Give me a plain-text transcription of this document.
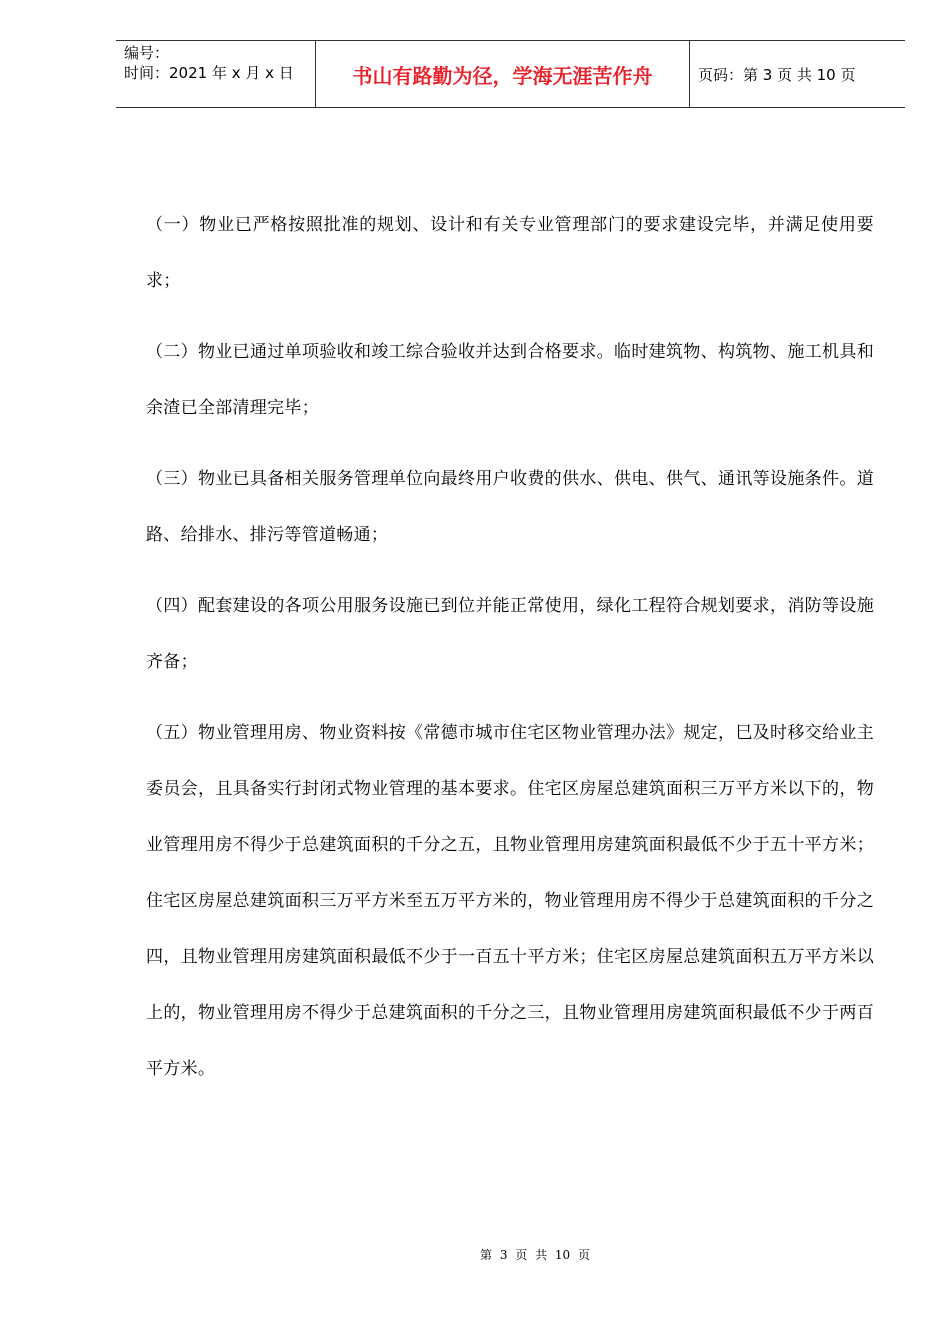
编号：
时间：2021 年 x 月 x 日	书山有路勤为径，学海无涯苦作舟	页码：第 3 页 共 10 页

（一）物业已严格按照批准的规划、设计和有关专业管理部门的要求建设完毕，并满足使用要求；

（二）物业已通过单项验收和竣工综合验收并达到合格要求。临时建筑物、构筑物、施工机具和余渣已全部清理完毕；

（三）物业已具备相关服务管理单位向最终用户收费的供水、供电、供气、通讯等设施条件。道路、给排水、排污等管道畅通；

（四）配套建设的各项公用服务设施已到位并能正常使用，绿化工程符合规划要求，消防等设施齐备；

（五）物业管理用房、物业资料按《常德市城市住宅区物业管理办法》规定，巳及时移交给业主委员会，且具备实行封闭式物业管理的基本要求。住宅区房屋总建筑面积三万平方米以下的，物业管理用房不得少于总建筑面积的千分之五，且物业管理用房建筑面积最低不少于五十平方米；住宅区房屋总建筑面积三万平方米至五万平方米的，物业管理用房不得少于总建筑面积的千分之四，且物业管理用房建筑面积最低不少于一百五十平方米；住宅区房屋总建筑面积五万平方米以上的，物业管理用房不得少于总建筑面积的千分之三，且物业管理用房建筑面积最低不少于两百平方米。

第 3 页 共 10 页
